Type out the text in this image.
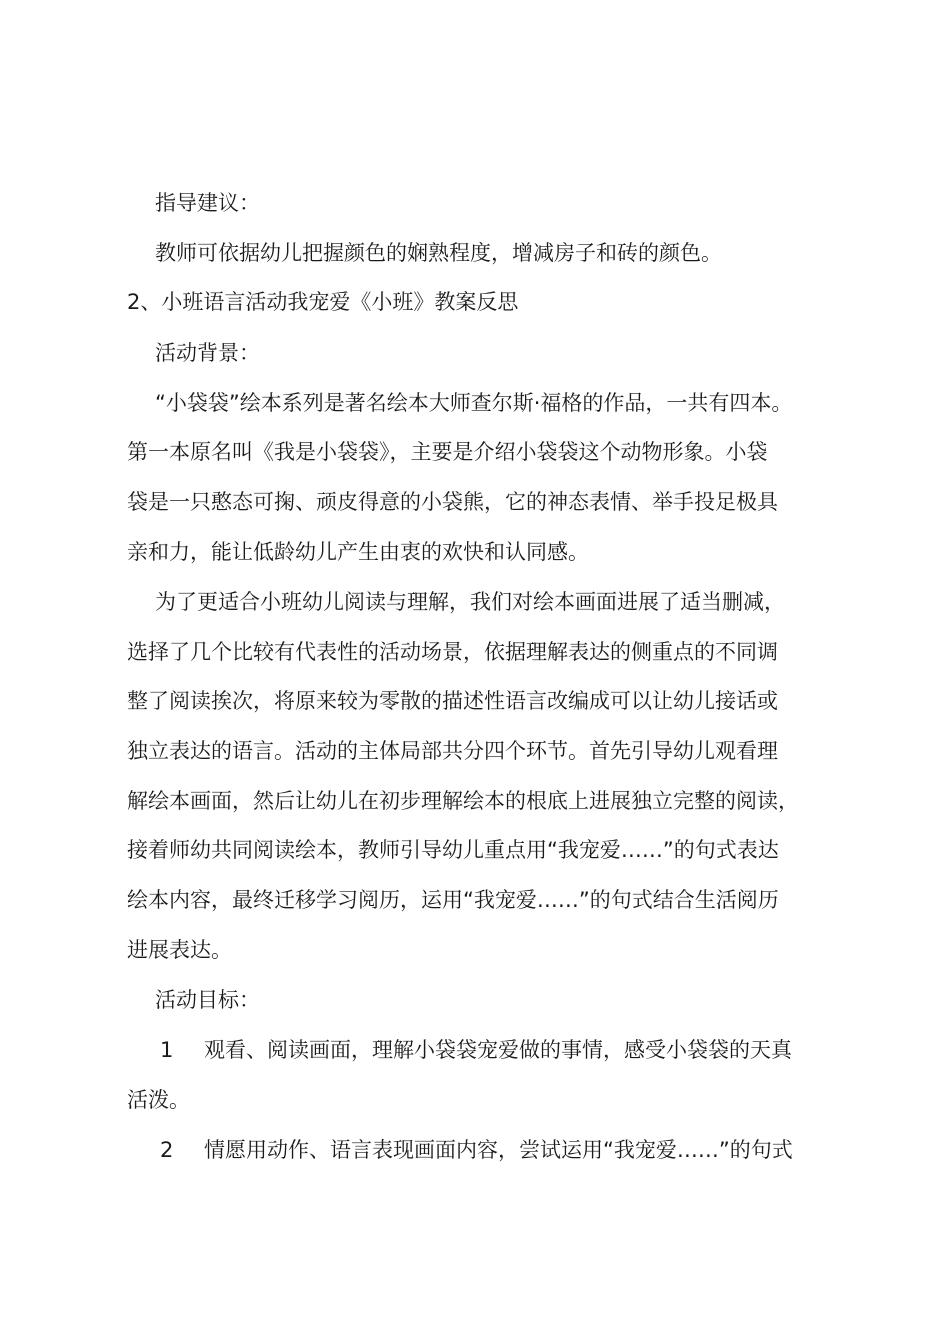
指导建议：
教师可依据幼儿把握颜色的娴熟程度，增减房子和砖的颜色。
2、小班语言活动我宠爱《小班》教案反思
活动背景：
“小袋袋”绘本系列是著名绘本大师查尔斯·福格的作品，一共有四本。
第一本原名叫《我是小袋袋》，主要是介绍小袋袋这个动物形象。小袋
袋是一只憨态可掬、顽皮得意的小袋熊，它的神态表情、举手投足极具
亲和力，能让低龄幼儿产生由衷的欢快和认同感。
为了更适合小班幼儿阅读与理解，我们对绘本画面进展了适当删减，
选择了几个比较有代表性的活动场景，依据理解表达的侧重点的不同调
整了阅读挨次，将原来较为零散的描述性语言改编成可以让幼儿接话或
独立表达的语言。活动的主体局部共分四个环节。首先引导幼儿观看理
解绘本画面，然后让幼儿在初步理解绘本的根底上进展独立完整的阅读，
接着师幼共同阅读绘本，教师引导幼儿重点用“我宠爱……”的句式表达
绘本内容，最终迁移学习阅历，运用“我宠爱……”的句式结合生活阅历
进展表达。
活动目标：
1 观看、阅读画面，理解小袋袋宠爱做的事情，感受小袋袋的天真
活泼。
2 情愿用动作、语言表现画面内容，尝试运用“我宠爱……”的句式
